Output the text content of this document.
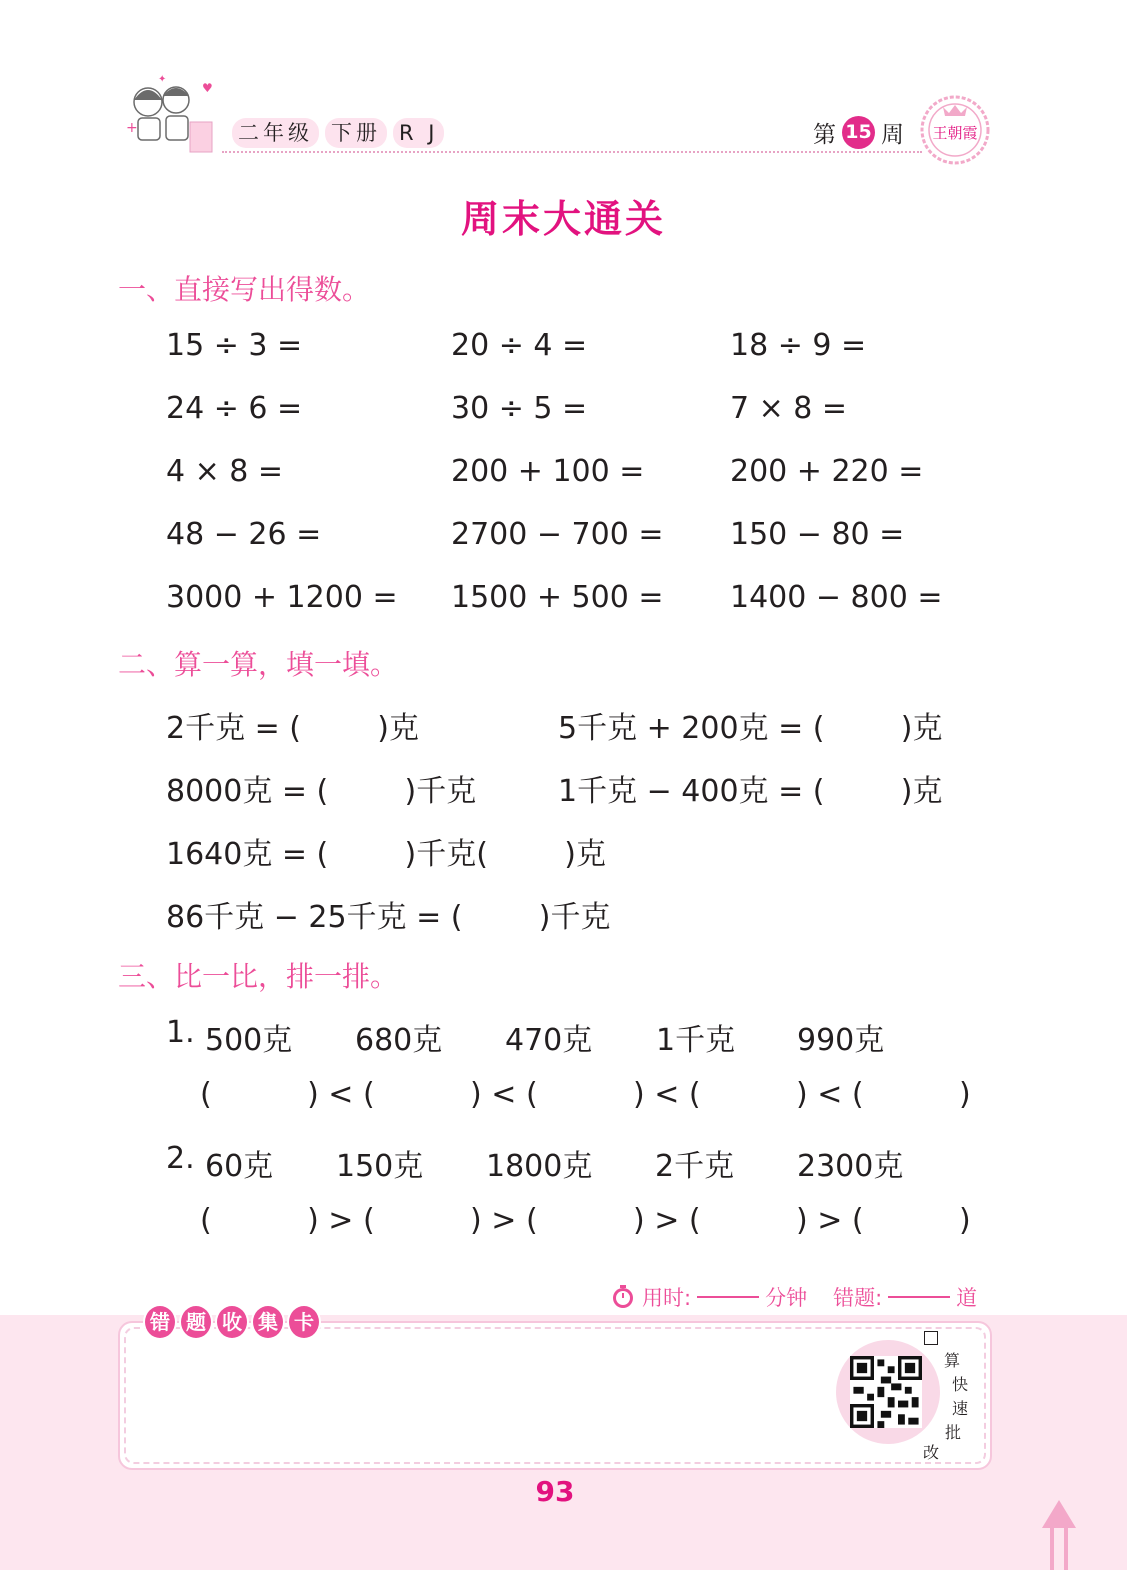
+
♥
✦
二年级 下册 R J	第 15 周 王朝霞
周末大通关
一、直接写出得数。
15 ÷ 3 =	20 ÷ 4 =	18 ÷ 9 =
24 ÷ 6 =	30 ÷ 5 =	7 × 8 =
4 × 8 =	200 + 100 =	200 + 220 =
48 − 26 =	2700 − 700 = 150 − 80 =
3000 + 1200 = 1500 + 500 = 1400 − 800 =
二、算一算，填一填。
2千克 = (        )克	5千克 + 200克 = (        )克
8000克 = (        )千克	1千克 − 400克 = (        )克
1640克 = (        )千克(        )克
86千克 − 25千克 = (        )千克
三、比一比，排一排。
1. 500克 680克 470克 1千克 990克
(          ) < (          ) < (          ) < (          ) < (          )
2. 60克 150克 1800克 2千克 2300克
(          ) > (          ) > (          ) > (          ) > (          )
用时:	分钟 错题:	道
错 题 收 集 卡
算
快
速
批
改
93
